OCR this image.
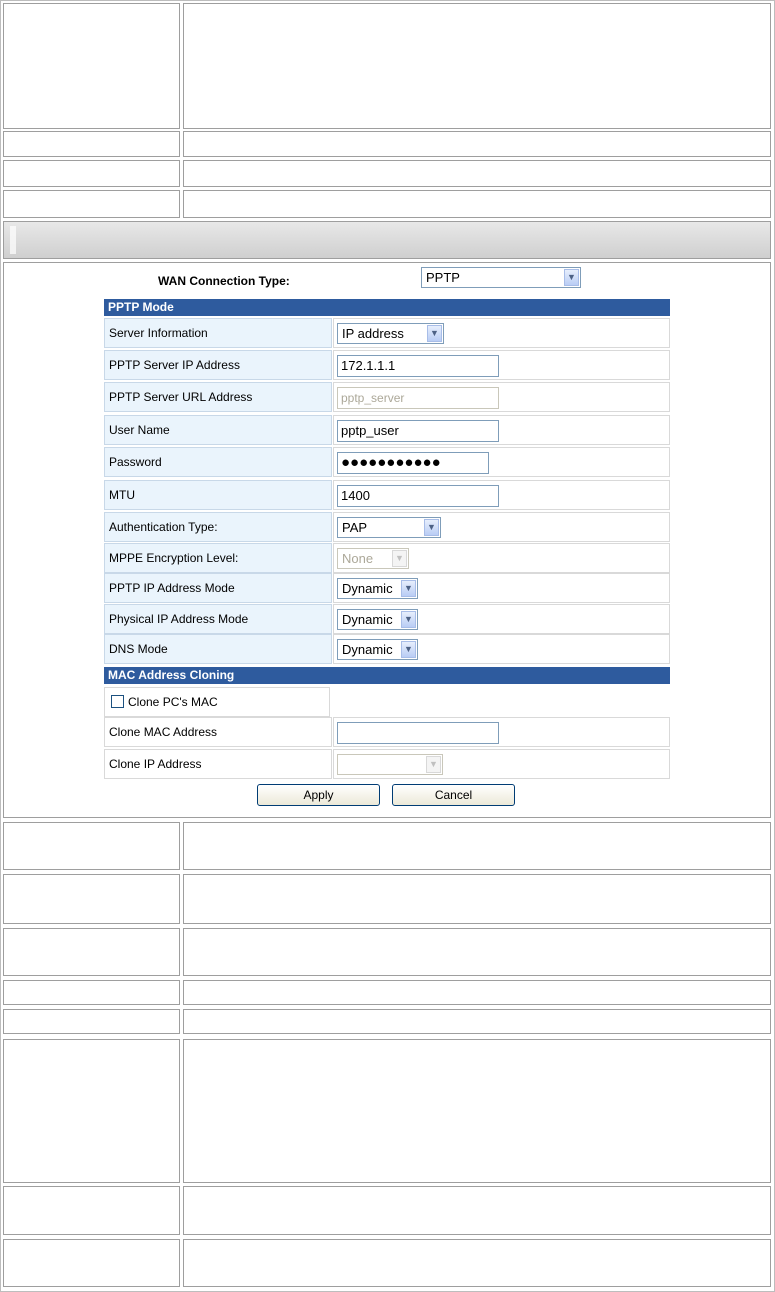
WAN Connection Type:	PPTP	▼
PPTP Mode
Server Information	IP address	▼
PPTP Server IP Address	172.1.1.1
PPTP Server URL Address	pptp_server
User Name	pptp_user
Password	●●●●●●●●●●●
MTU	1400
Authentication Type:	PAP	▼
MPPE Encryption Level:	None	▼
PPTP IP Address Mode	Dynamic	▼
Physical IP Address Mode	Dynamic	▼
DNS Mode	Dynamic	▼
MAC Address Cloning
Clone PC's MAC
Clone MAC Address
Clone IP Address	▼
Apply	Cancel
